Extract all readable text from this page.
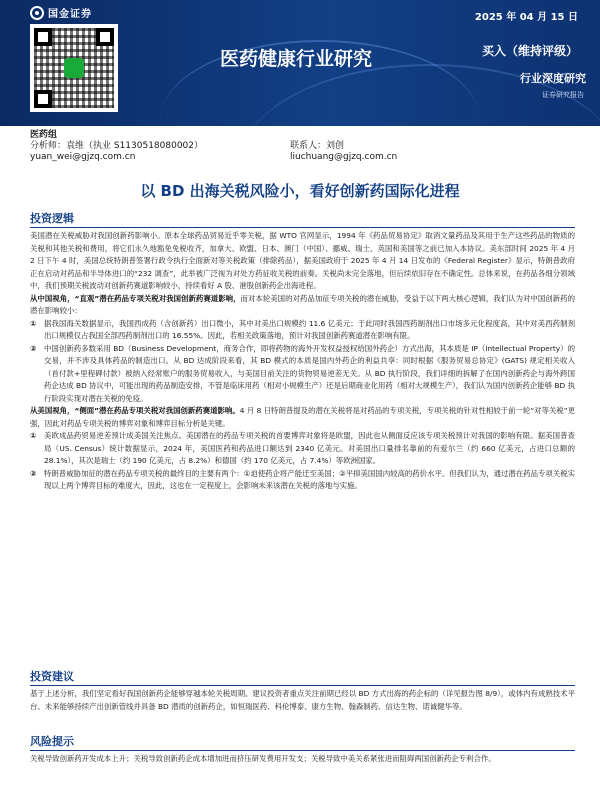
国金证券	2025 年 04 月 15 日
医药健康行业研究	买入（维持评级）
行业深度研究
证券研究报告
医药组
分析师：袁维（执业 S1130518080002）	联系人：刘创
yuan_wei@gjzq.com.cn	liuchuang@gjzq.com.cn
以 BD 出海关税风险小，看好创新药国际化进程
投资逻辑
美国潜在关税威胁对我国创新药影响小。原本全球药品贸易近乎零关税，据 WTO 官网显示，1994 年《药品贸易协定》取消文量药品及其用于生产这些药品的物质的关税和其他关税和费用，将它们永久地豁免免税收齐，加拿大、欧盟、日本、澳门（中国）、挪威、瑞士、英国和美国等之前已加入本协议。美东部时间 2025 年 4 月 2 日下午 4 时，美国总统特朗普签署行政令执行全面新对等关税政策（排除药品），据美国政府于 2025 年 4 月 14 日发布的《Federal Register》显示，特朗普政府正在启动对药品和半导体进口的“232 调查”，此举被广泛视为对处方药征收关税的前奏。关税尚未完全落地，但后续依旧存在不确定性。总体来说，在药品各细分领域中，我们预期关税波动对创新药赛道影响较小，持续看好 A 股、港股创新药企出海进程。
从中国视角，“直观”潜在药品专项关税对我国创新药赛道影响，而对本轮美国的对药品加征专项关税的潜在威胁，受益于以下两大核心逻辑，我们认为对中国创新药的潜在影响较小：
①	据我国海关数据显示，我国西成药（含创新药）出口微小，其中对美出口规模约 11.6 亿美元；于此同时我国西药制剂出口市场多元化程度高，其中对美西药制剂出口规模仅占我国全部西药制剂出口的 16.55%。因此，若相关政策落地，预计对我国创新药赛道潜在影响有限。
②	中国创新药多数采用 BD（Business Development，商务合作，即将药物的海外开发权益授权给国外药企）方式出海，其本质是 IP（Intellectual Property）的交易，并不涉及具体药品的制造出口。从 BD 达成阶段来看，其 BD 模式的本质是国内外药企的利益共享：同时根据《服务贸易总协定》(GATS) 规定相关收入（首付款+里程碑付款）被纳入经常账户的服务贸易收入，与美国目前关注的货物贸易逆差无关。从 BD 执行阶段，我们详细的拆解了在国内创新药企与海外跨国药企达成 BD 协议中，可能出现的药品制造安排，不管是临床用药（相对小规模生产）还是后期商业化用药（相对大规模生产），我们认为国内创新药企能够 BD 执行阶段实现对潜在关税的免疫。
从美国视角，“侧面”潜在药品专项关税对我国创新药赛道影响。4 月 8 日特朗普提及的潜在关税将是对药品的专项关税，专项关税的针对性相较于前一轮“对等关税”更强，因此对药品专项关税的博弈对象和博弈目标分析是关键。
①	美欧成品药贸易逆差预计成美国关注焦点。美国潜在的药品专项关税的首要博弈对象将是欧盟，因此也从侧面反应该专项关税预计对我国的影响有限。据美国普查局（US. Census）统计数据显示，2024 年，美国医药和药品进口额达到 2340 亿美元。对美国出口量排名靠前的有爱尔兰（约 660 亿美元，占进口总额的 28.1%），其次是瑞士（约 190 亿美元，占 8.2%）和德国（约 170 亿美元，占 7.4%）等欧洲国家。
②	特朗普威胁加征的潜在药品专项关税的最终目的主要有两个：①迫使药企将产能迁至美国；②平抑美国国内较高的药价水平。但我们认为，通过潜在药品专项关税实现以上两个博弈目标的难度大，因此，这也在一定程度上，会影响未来该潜在关税的落地与实施。
投资建议
基于上述分析，我们坚定看好我国创新药企能够穿越本轮关税周期。建议投资者重点关注前期已经以 BD 方式出海的药企标的（详见报告图 8/9），或体内有成熟技术平台、未来能够持续产出创新管线并具备 BD 潜质的创新药企，如恒瑞医药、科伦博泰、康方生物、翰森制药、信达生物、诺诚健华等。
风险提示
关税导致创新药开发成本上升；关税导致创新药企成本增加进而挤压研发费用开发支；关税导致中美关系紧张进而阻碍两国创新药企专利合作。
